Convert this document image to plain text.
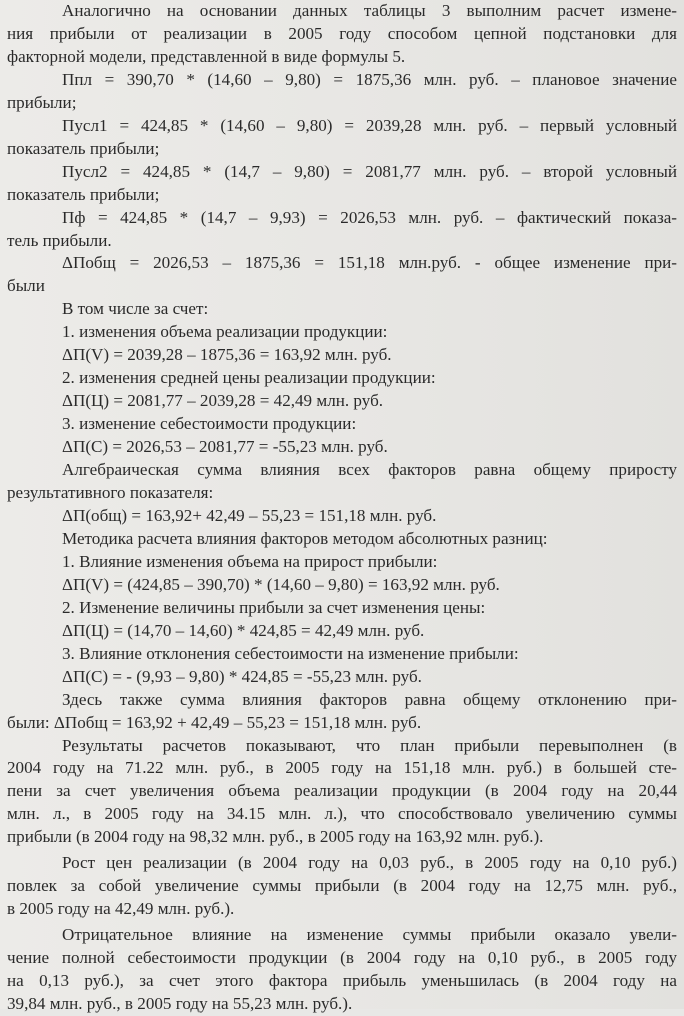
Аналогично на основании данных таблицы 3 выполним расчет измене-
ния прибыли от реализации в 2005 году способом цепной подстановки для
факторной модели, представленной в виде формулы 5.
Ппл = 390,70 * (14,60 – 9,80) = 1875,36 млн. руб. – плановое значение
прибыли;
Пусл1 = 424,85 * (14,60 – 9,80) = 2039,28 млн. руб. – первый условный
показатель прибыли;
Пусл2 = 424,85 * (14,7 – 9,80) = 2081,77 млн. руб. – второй условный
показатель прибыли;
Пф = 424,85 * (14,7 – 9,93) = 2026,53 млн. руб. – фактический показа-
тель прибыли.
ΔПобщ = 2026,53 – 1875,36 = 151,18 млн.руб. - общее изменение при-
были
В том числе за счет:
1. изменения объема реализации продукции:
ΔП(V) = 2039,28 – 1875,36 = 163,92 млн. руб.
2. изменения средней цены реализации продукции:
ΔП(Ц) = 2081,77 – 2039,28 = 42,49 млн. руб.
3. изменение себестоимости продукции:
ΔП(С) = 2026,53 – 2081,77 = -55,23 млн. руб.
Алгебраическая сумма влияния всех факторов равна общему приросту
результативного показателя:
ΔП(общ) = 163,92+ 42,49 – 55,23 = 151,18 млн. руб.
Методика расчета влияния факторов методом абсолютных разниц:
1. Влияние изменения объема на прирост прибыли:
ΔП(V) = (424,85 – 390,70) * (14,60 – 9,80) = 163,92 млн. руб.
2. Изменение величины прибыли за счет изменения цены:
ΔП(Ц) = (14,70 – 14,60) * 424,85 = 42,49 млн. руб.
3. Влияние отклонения себестоимости на изменение прибыли:
ΔП(С) = - (9,93 – 9,80) * 424,85 = -55,23 млн. руб.
Здесь также сумма влияния факторов равна общему отклонению при-
были: ΔПобщ = 163,92 + 42,49 – 55,23 = 151,18 млн. руб.
Результаты расчетов показывают, что план прибыли перевыполнен (в
2004 году на 71.22 млн. руб., в 2005 году на 151,18 млн. руб.) в большей сте-
пени за счет увеличения объема реализации продукции (в 2004 году на 20,44
млн. л., в 2005 году на 34.15 млн. л.), что способствовало увеличению суммы
прибыли (в 2004 году на 98,32 млн. руб., в 2005 году на 163,92 млн. руб.).
Рост цен реализации (в 2004 году на 0,03 руб., в 2005 году на 0,10 руб.)
повлек за собой увеличение суммы прибыли (в 2004 году на 12,75 млн. руб.,
в 2005 году на 42,49 млн. руб.).
Отрицательное влияние на изменение суммы прибыли оказало увели-
чение полной себестоимости продукции (в 2004 году на 0,10 руб., в 2005 году
на 0,13 руб.), за счет этого фактора прибыль уменьшилась (в 2004 году на
39,84 млн. руб., в 2005 году на 55,23 млн. руб.).
